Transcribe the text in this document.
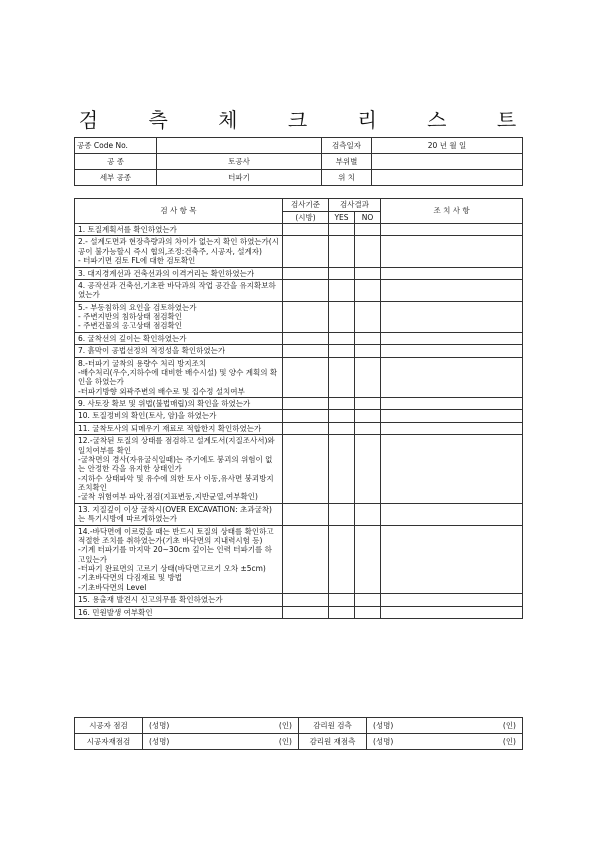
검 측 체 크 리 스 트
공종 Code No.		검측일자	20 년 월 일
공 종	토공사	부위별	
세부 공종	터파기	위 치	
검 사 항 목	검사기준	검사결과		조 치 사 항
	(시방)	YES	NO	
1. 토질계획서를 확인하였는가				
2.- 설계도면과 현장측량과의 차이가 없는지 확인 하였는가(시공이 불가능할시 즉시 협의,조정:건축주, 시공자, 설계자)
- 터파기면 검토 FL에 대한 검토확인				
3. 대지경계선과 건축선과의 이격거리는 확인하였는가				
4. 공작선과 건축선,기초판 바닥과의 작업 공간을 유지확보하였는가				
5.- 부동침하의 요인을 검토하였는가
- 주변지반의 침하상태 점검확인
- 주변건물의 옹고상태 점검확인				
6. 굴착선의 깊이는 확인하였는가				
7. 흙막이 공법선정의 적정성을 확인하였는가				
8.-터파기 굴착의 용량수 처리 방지조치
-배수처리(우수,지하수에 대비한 배수시설) 및 양수 계획의 확인을 하였는가
-터파기방향 외곽주변의 배수로 및 집수정 설치여부				
9. 사토장 확보 및 위법(불법매립)의 확인을 하였는가				
10. 토질정비의 확인(토사, 암)을 하였는가				
11. 굴착토사의 되메우기 재료로 적합한지 확인하였는가				
12.-굴착된 토질의 상태를 점검하고 설계도서(지질조사서)와 일치여부를 확인
-굴착면의 경사(자유굴식일때)는 주기에도 붕괴의 위험이 없는 안정한 각을 유지한 상태인가
-지하수 상태파악 및 유수에 의한 토사 이동,유사면 붕괴방지 조치확인
-굴착 위험여부 파악,점검(지표변동,지반균열,여부확인)				
13. 지질깊이 이상 굴착시(OVER EXCAVATION: 초과굴착)는 특기시방에 따르게하였는가				
14.-바닥면에 이르렀을 때는 반드시 토질의 상태를 확인하고 적절한 조치를 취하였는가(기초 바닥면의 지내력시험 등)
-기계 터파기를 마지막 20~30cm 깊이는 인력 터파기를 하고있는가
-터파기 완료면의 고르기 상태(바닥면고르기 오차 ±5cm)
-기초바닥면의 다짐재료 및 방법
-기초바닥면의 Level				
15. 용출재 발견시 신고의무를 확인하였는가				
16. 민원발생 여부확인				
시공자 점검	(성명) (인)	감리원 검측	(성명) (인)

시공자재점검	(성명) (인)	감리원 재점측	(성명) (인)
